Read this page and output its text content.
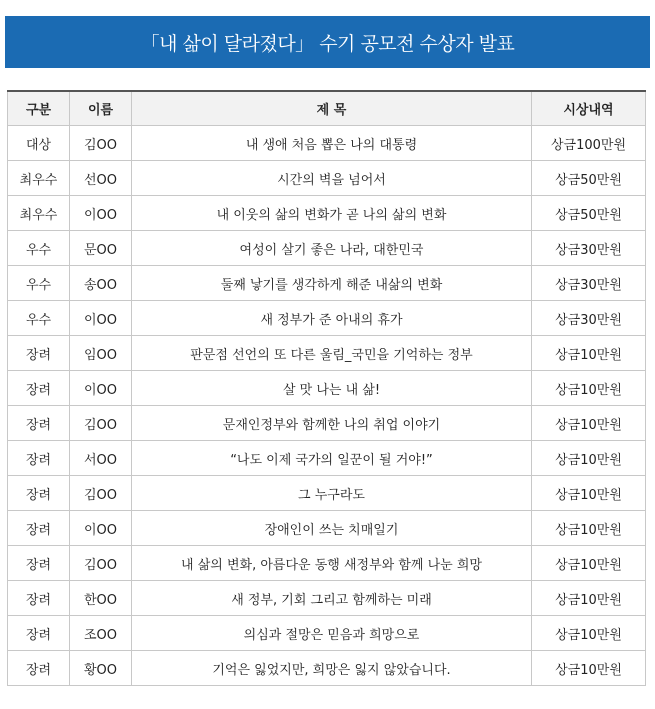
「내 삶이 달라졌다」 수기 공모전 수상자 발표
구분	이름	제 목	시상내역
대상	김OO	내 생애 처음 뽑은 나의 대통령	상금100만원
최우수	선OO	시간의 벽을 넘어서	상금50만원
최우수	이OO	내 이웃의 삶의 변화가 곧 나의 삶의 변화	상금50만원
우수	문OO	여성이 살기 좋은 나라, 대한민국	상금30만원
우수	송OO	둘째 낳기를 생각하게 해준 내삶의 변화	상금30만원
우수	이OO	새 정부가 준 아내의 휴가	상금30만원
장려	임OO	판문점 선언의 또 다른 울림_국민을 기억하는 정부	상금10만원
장려	이OO	살 맛 나는 내 삶!	상금10만원
장려	김OO	문재인정부와 함께한 나의 취업 이야기	상금10만원
장려	서OO	“나도 이제 국가의 일꾼이 될 거야!”	상금10만원
장려	김OO	그 누구라도	상금10만원
장려	이OO	장애인이 쓰는 치매일기	상금10만원
장려	김OO	내 삶의 변화, 아름다운 동행 새정부와 함께 나눈 희망	상금10만원
장려	한OO	새 정부, 기회 그리고 함께하는 미래	상금10만원
장려	조OO	의심과 절망은 믿음과 희망으로	상금10만원
장려	황OO	기억은 잃었지만, 희망은 잃지 않았습니다.	상금10만원
